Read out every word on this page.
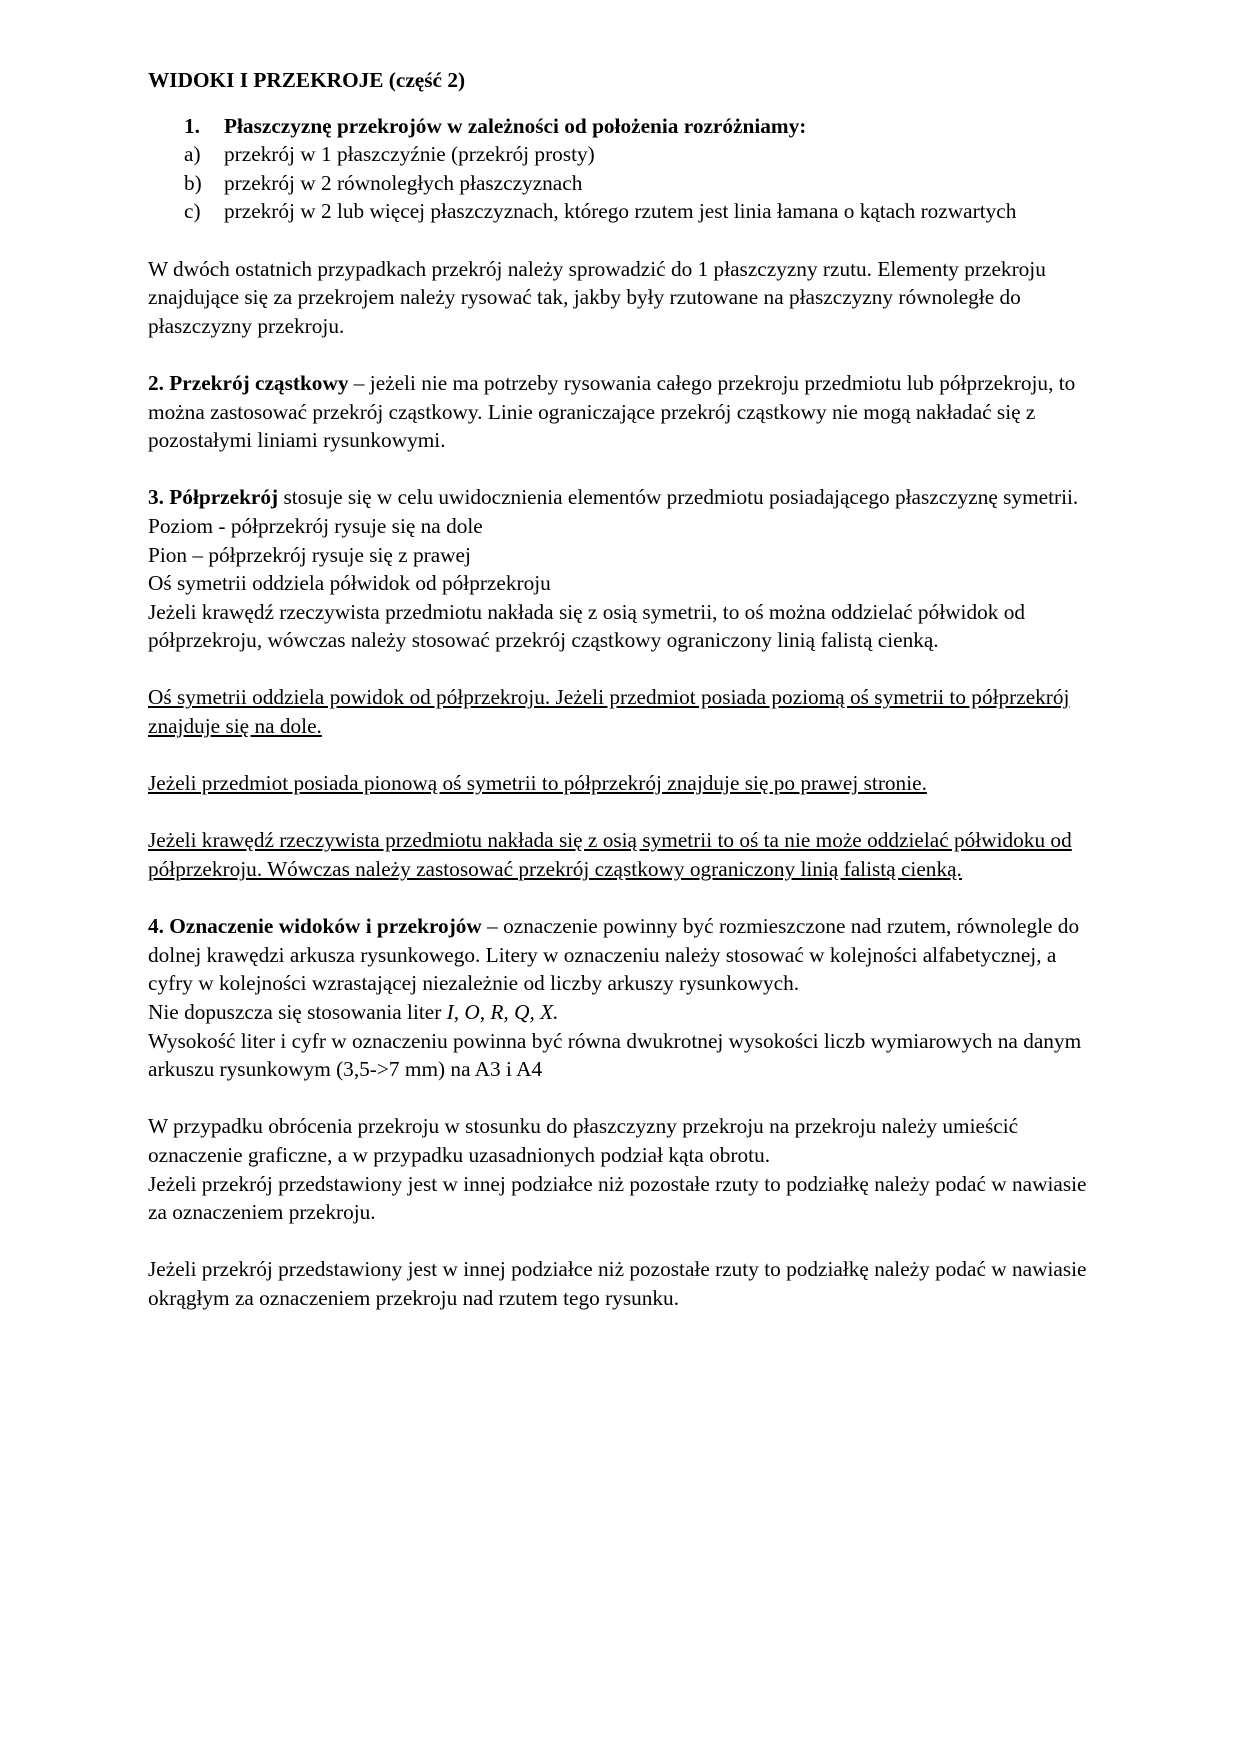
WIDOKI I PRZEKROJE (część 2)
1. Płaszczyznę przekrojów w zależności od położenia rozróżniamy:
a)	przekrój w 1 płaszczyźnie (przekrój prosty)
b)	przekrój w 2 równoległych płaszczyznach
c)	przekrój w 2 lub więcej płaszczyznach, którego rzutem jest linia łamana o kątach rozwartych

W dwóch ostatnich przypadkach przekrój należy sprowadzić do 1 płaszczyzny rzutu. Elementy przekroju znajdujące się za przekrojem należy rysować tak, jakby były rzutowane na płaszczyzny równoległe do płaszczyzny przekroju.

2. Przekrój cząstkowy – jeżeli nie ma potrzeby rysowania całego przekroju przedmiotu lub półprzekroju, to można zastosować przekrój cząstkowy. Linie ograniczające przekrój cząstkowy nie mogą nakładać się z pozostałymi liniami rysunkowymi.

3. Półprzekrój stosuje się w celu uwidocznienia elementów przedmiotu posiadającego płaszczyznę symetrii.

Poziom - półprzekrój rysuje się na dole

Pion – półprzekrój rysuje się z prawej

Oś symetrii oddziela półwidok od półprzekroju

Jeżeli krawędź rzeczywista przedmiotu nakłada się z osią symetrii, to oś można oddzielać półwidok od półprzekroju, wówczas należy stosować przekrój cząstkowy ograniczony linią falistą cienką.

Oś symetrii oddziela powidok od półprzekroju. Jeżeli przedmiot posiada poziomą oś symetrii to półprzekrój znajduje się na dole.

Jeżeli przedmiot posiada pionową oś symetrii to półprzekrój znajduje się po prawej stronie.

Jeżeli krawędź rzeczywista przedmiotu nakłada się z osią symetrii to oś ta nie może oddzielać półwidoku od półprzekroju. Wówczas należy zastosować przekrój cząstkowy ograniczony linią falistą cienką.

4. Oznaczenie widoków i przekrojów – oznaczenie powinny być rozmieszczone nad rzutem, równolegle do dolnej krawędzi arkusza rysunkowego. Litery w oznaczeniu należy stosować w kolejności alfabetycznej, a cyfry w kolejności wzrastającej niezależnie od liczby arkuszy rysunkowych.

Nie dopuszcza się stosowania liter I, O, R, Q, X.

Wysokość liter i cyfr w oznaczeniu powinna być równa dwukrotnej wysokości liczb wymiarowych na danym arkuszu rysunkowym (3,5->7 mm) na A3 i A4

W przypadku obrócenia przekroju w stosunku do płaszczyzny przekroju na przekroju należy umieścić oznaczenie graficzne, a w przypadku uzasadnionych podział kąta obrotu.

Jeżeli przekrój przedstawiony jest w innej podziałce niż pozostałe rzuty to podziałkę należy podać w nawiasie za oznaczeniem przekroju.

Jeżeli przekrój przedstawiony jest w innej podziałce niż pozostałe rzuty to podziałkę należy podać w nawiasie okrągłym za oznaczeniem przekroju nad rzutem tego rysunku.
